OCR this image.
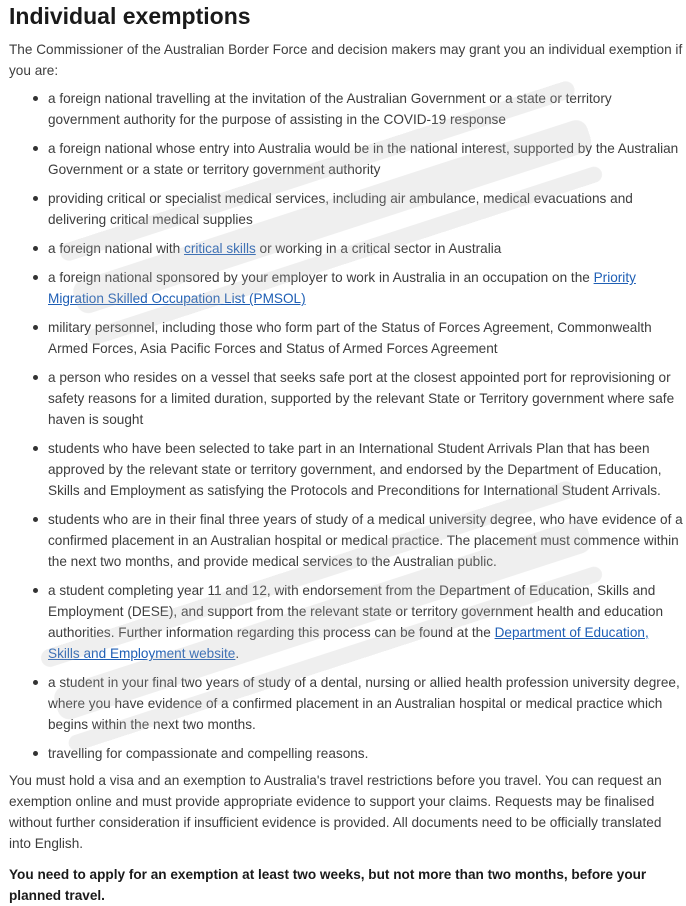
Individual exemptions

The Commissioner of the Australian Border Force and decision makers may grant you an individual exemption if you are:

a foreign national travelling at the invitation of the Australian Government or a state or territory government authority for the purpose of assisting in the COVID-19 response
a foreign national whose entry into Australia would be in the national interest, supported by the Australian Government or a state or territory government authority
providing critical or specialist medical services, including air ambulance, medical evacuations and delivering critical medical supplies
a foreign national with critical skills or working in a critical sector in Australia
a foreign national sponsored by your employer to work in Australia in an occupation on the Priority Migration Skilled Occupation List (PMSOL)
military personnel, including those who form part of the Status of Forces Agreement, Commonwealth Armed Forces, Asia Pacific Forces and Status of Armed Forces Agreement
a person who resides on a vessel that seeks safe port at the closest appointed port for reprovisioning or safety reasons for a limited duration, supported by the relevant State or Territory government where safe haven is sought
students who have been selected to take part in an International Student Arrivals Plan that has been approved by the relevant state or territory government, and endorsed by the Department of Education, Skills and Employment as satisfying the Protocols and Preconditions for International Student Arrivals.
students who are in their final three years of study of a medical university degree, who have evidence of a confirmed placement in an Australian hospital or medical practice. The placement must commence within the next two months, and provide medical services to the Australian public.
a student completing year 11 and 12, with endorsement from the Department of Education, Skills and Employment (DESE), and support from the relevant state or territory government health and education authorities. Further information regarding this process can be found at the Department of Education, Skills and Employment website.
a student in your final two years of study of a dental, nursing or allied health profession university degree, where you have evidence of a confirmed placement in an Australian hospital or medical practice which begins within the next two months.
travelling for compassionate and compelling reasons.

You must hold a visa and an exemption to Australia's travel restrictions before you travel. You can request an exemption online and must provide appropriate evidence to support your claims. Requests may be finalised without further consideration if insufficient evidence is provided. All documents need to be officially translated into English.

You need to apply for an exemption at least two weeks, but not more than two months, before your planned travel.
